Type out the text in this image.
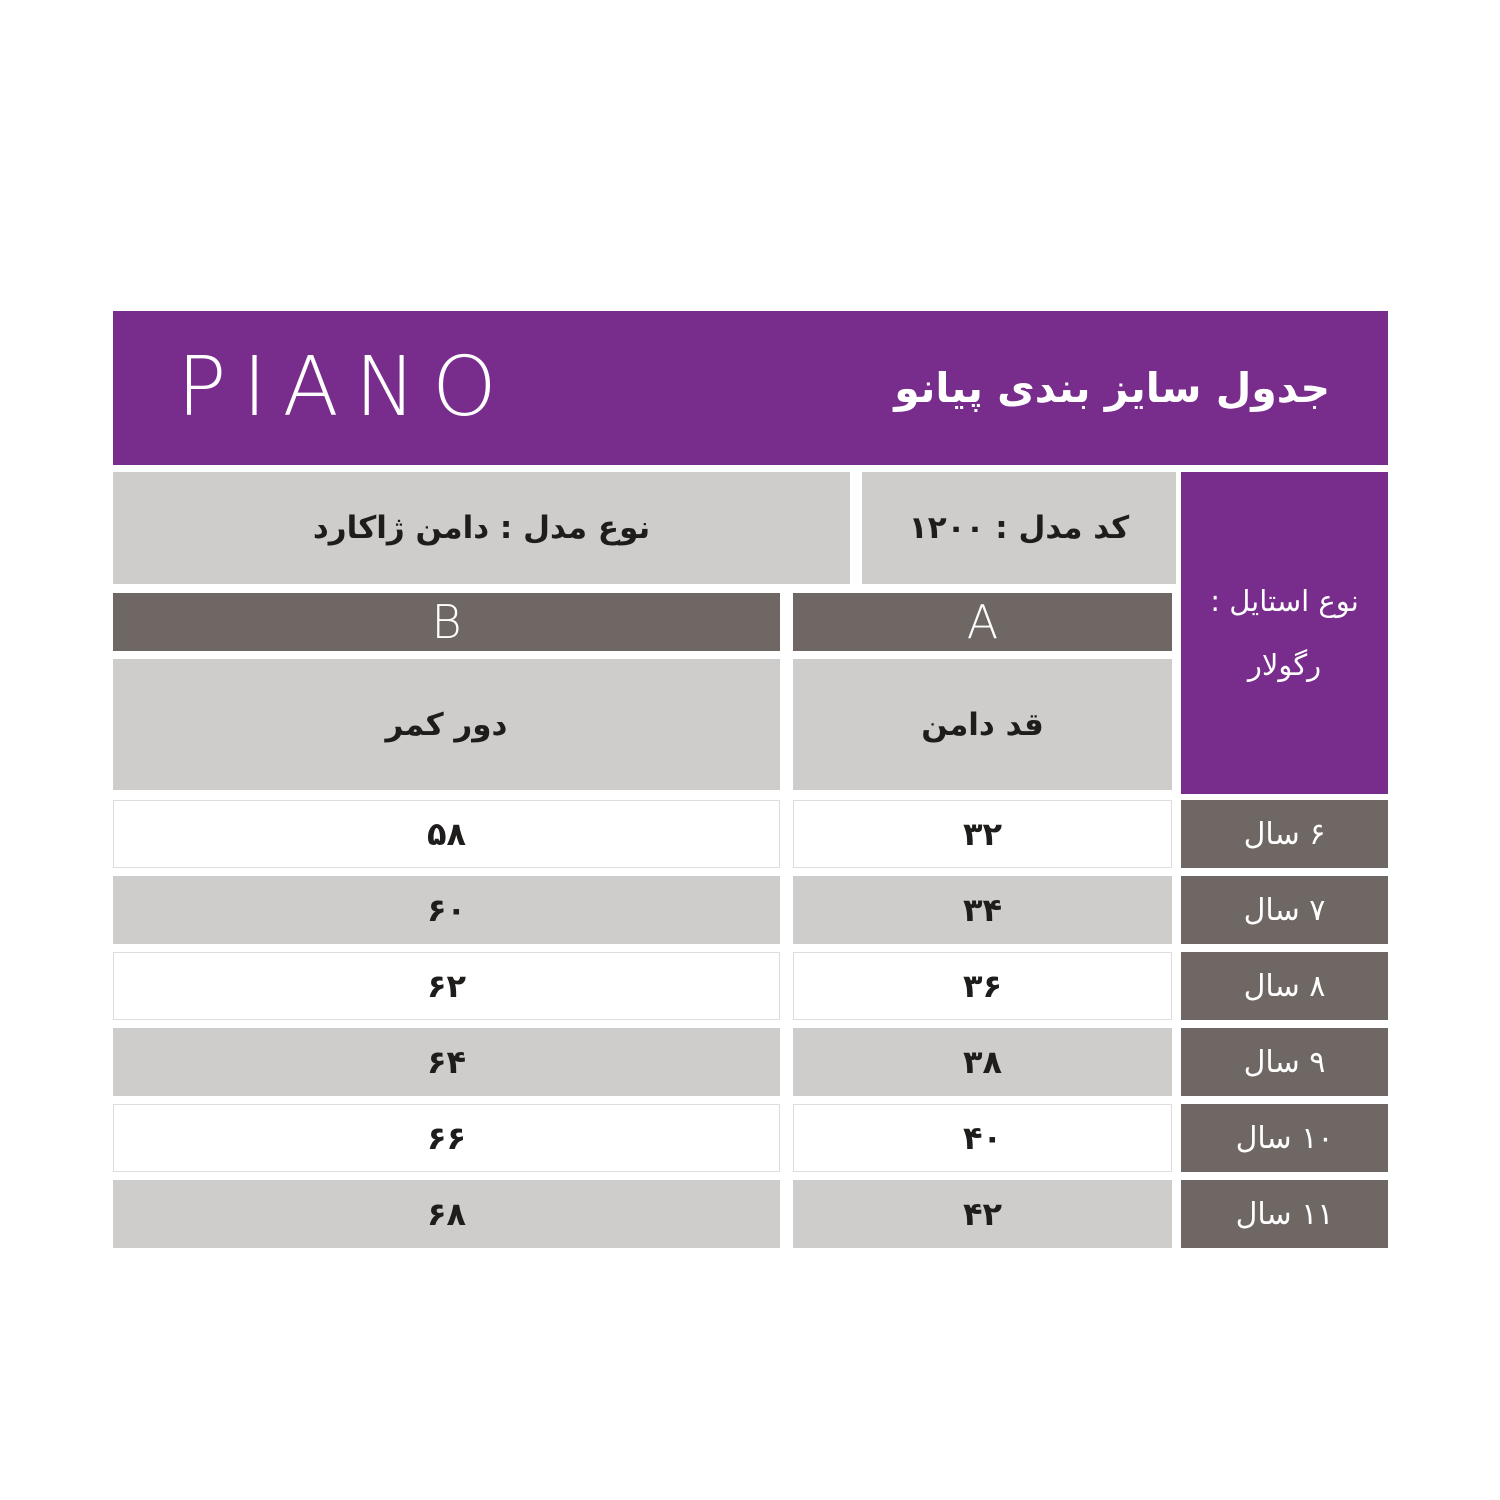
PIANO	جدول سایز بندی پیانو
نوع مدل : دامن ژاکارد	کد مدل : ۱۲۰۰
نوع استایل :
رگولار
B	A
دور کمر	قد دامن
۵۸	۳۲	۶ سال
۶۰	۳۴	۷ سال
۶۲	۳۶	۸ سال
۶۴	۳۸	۹ سال
۶۶	۴۰	۱۰ سال
۶۸	۴۲	۱۱ سال
